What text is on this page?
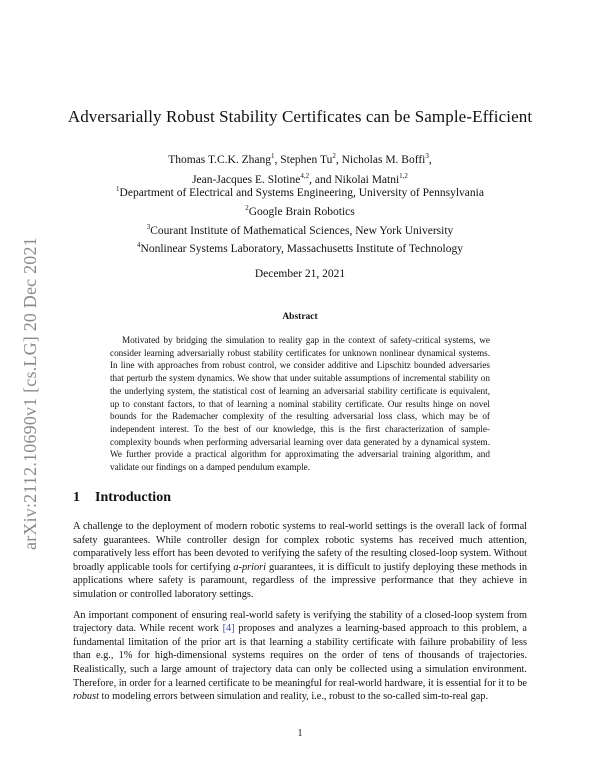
arXiv:2112.10690v1 [cs.LG] 20 Dec 2021
Adversarially Robust Stability Certificates can be Sample-Efficient
Thomas T.C.K. Zhang$^1$, Stephen Tu$^2$, Nicholas M. Boffi$^3$,
Jean-Jacques E. Slotine$^{4,2}$, and Nikolai Matni$^{1,2}$
$^1$Department of Electrical and Systems Engineering, University of Pennsylvania
$^2$Google Brain Robotics
$^3$Courant Institute of Mathematical Sciences, New York University
$^4$Nonlinear Systems Laboratory, Massachusetts Institute of Technology
December 21, 2021
Abstract

Motivated by bridging the simulation to reality gap in the context of safety-critical systems, we consider learning adversarially robust stability certificates for unknown nonlinear dynamical systems. In line with approaches from robust control, we consider additive and Lipschitz bounded adversaries that perturb the system dynamics. We show that under suitable assumptions of incremental stability on the underlying system, the statistical cost of learning an adversarial stability certificate is equivalent, up to constant factors, to that of learning a nominal stability certificate. Our results hinge on novel bounds for the Rademacher complexity of the resulting adversarial loss class, which may be of independent interest. To the best of our knowledge, this is the first characterization of sample-complexity bounds when performing adversarial learning over data generated by a dynamical system. We further provide a practical algorithm for approximating the adversarial training algorithm, and validate our findings on a damped pendulum example.

1 Introduction

A challenge to the deployment of modern robotic systems to real-world settings is the overall lack of formal safety guarantees. While controller design for complex robotic systems has received much attention, comparatively less effort has been devoted to verifying the safety of the resulting closed-loop system. Without broadly applicable tools for certifying a-priori guarantees, it is difficult to justify deploying these methods in applications where safety is paramount, regardless of the impressive performance that they achieve in simulation or controlled laboratory settings.

An important component of ensuring real-world safety is verifying the stability of a closed-loop system from trajectory data. While recent work [4] proposes and analyzes a learning-based approach to this problem, a fundamental limitation of the prior art is that learning a stability certificate with failure probability of less than e.g., 1% for high-dimensional systems requires on the order of tens of thousands of trajectories. Realistically, such a large amount of trajectory data can only be collected using a simulation environment. Therefore, in order for a learned certificate to be meaningful for real-world hardware, it is essential for it to be robust to modeling errors between simulation and reality, i.e., robust to the so-called sim-to-real gap.

1
